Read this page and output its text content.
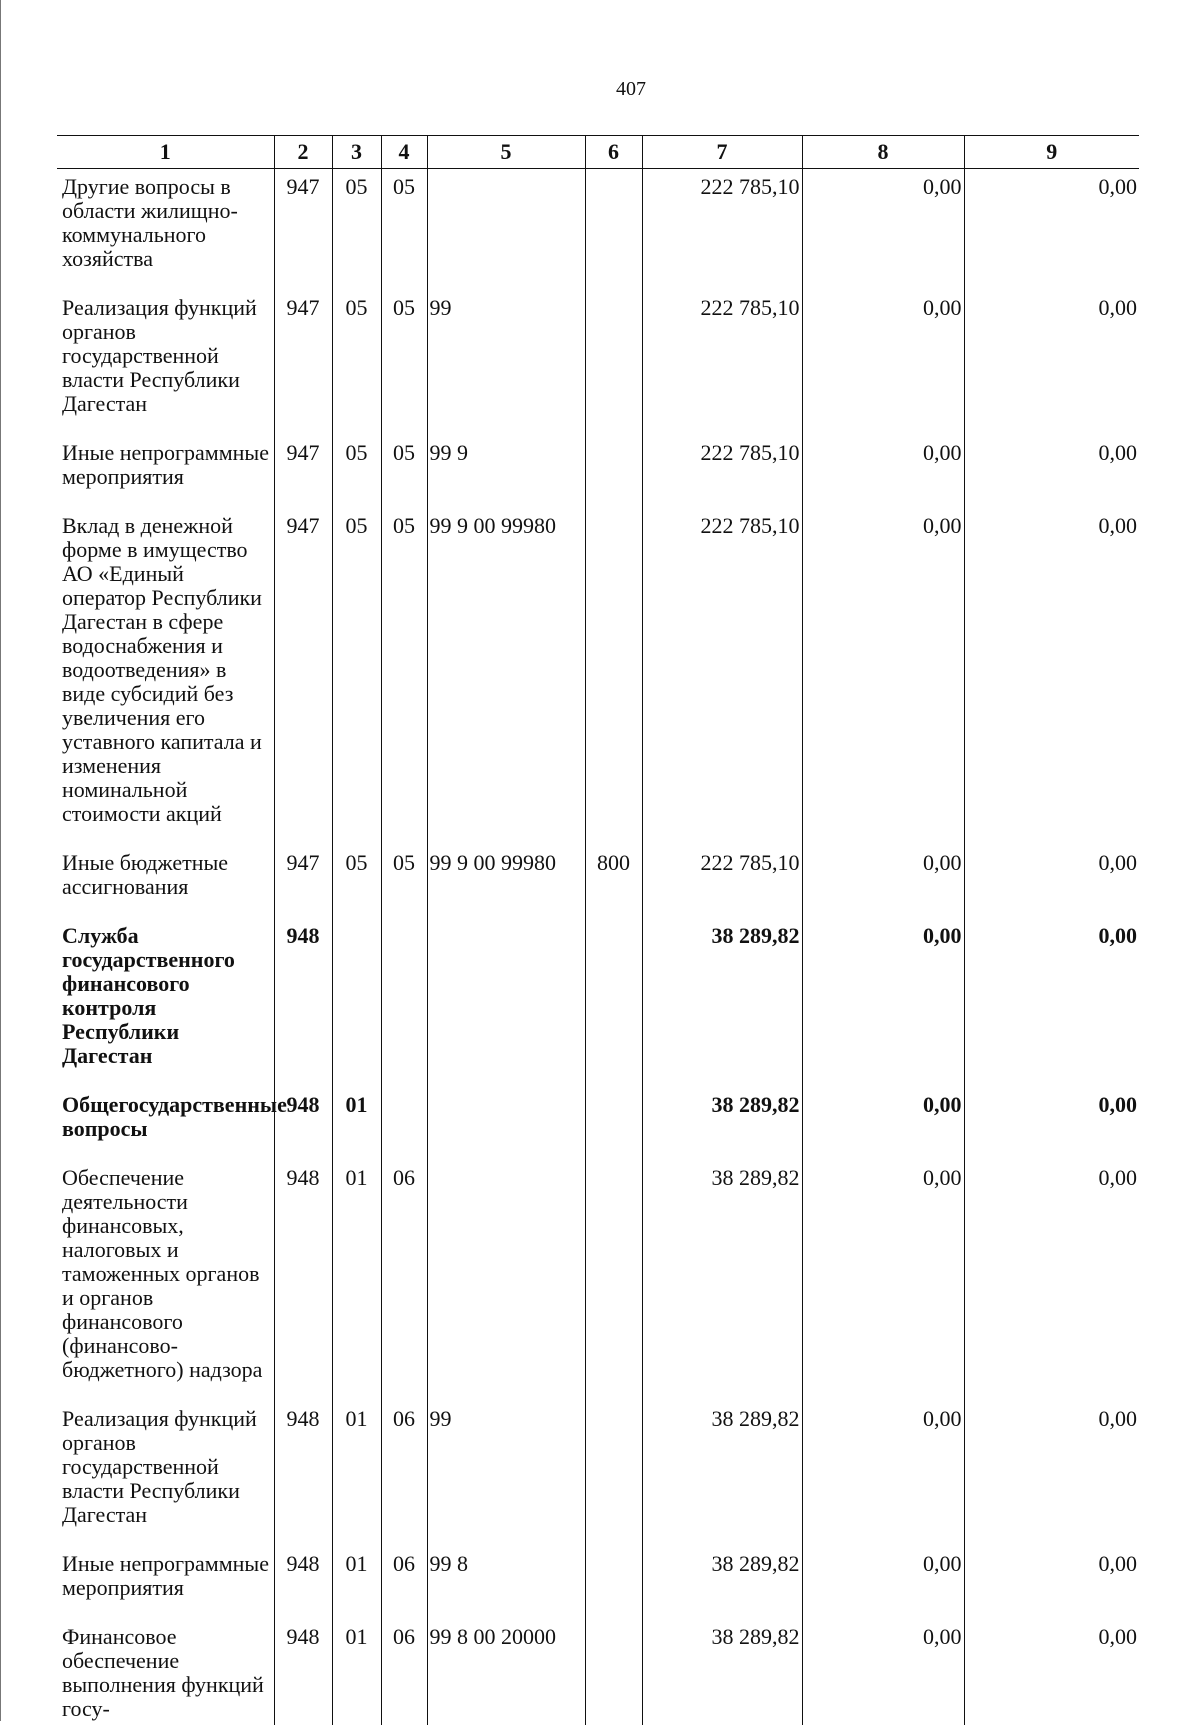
407
1	2	3	4	5	6	7	8	9
Другие вопросы в области жилищно-коммунального хозяйства	947	05	05			222 785,10	0,00	0,00
Реализация функций органов государственной власти Республики Дагестан	947	05	05	99		222 785,10	0,00	0,00
Иные непрограммные мероприятия	947	05	05	99 9		222 785,10	0,00	0,00
Вклад в денежной форме в имущество АО «Единый оператор Республики Дагестан в сфере водоснабжения и водоотведения» в виде субсидий без увеличения его уставного капитала и изменения номинальной стоимости акций	947	05	05	99 9 00 99980		222 785,10	0,00	0,00
Иные бюджетные ассигнования	947	05	05	99 9 00 99980	800	222 785,10	0,00	0,00
Служба государственного финансового контроля Республики Дагестан	948					38 289,82	0,00	0,00
Общегосударственные вопросы	948	01				38 289,82	0,00	0,00
Обеспечение деятельности финансовых, налоговых и таможенных органов и органов финансового (финансово-бюджетного) надзора	948	01	06			38 289,82	0,00	0,00
Реализация функций органов государственной власти Республики Дагестан	948	01	06	99		38 289,82	0,00	0,00
Иные непрограммные мероприятия	948	01	06	99 8		38 289,82	0,00	0,00
Финансовое обеспечение выполнения функций госу-	948	01	06	99 8 00 20000		38 289,82	0,00	0,00
